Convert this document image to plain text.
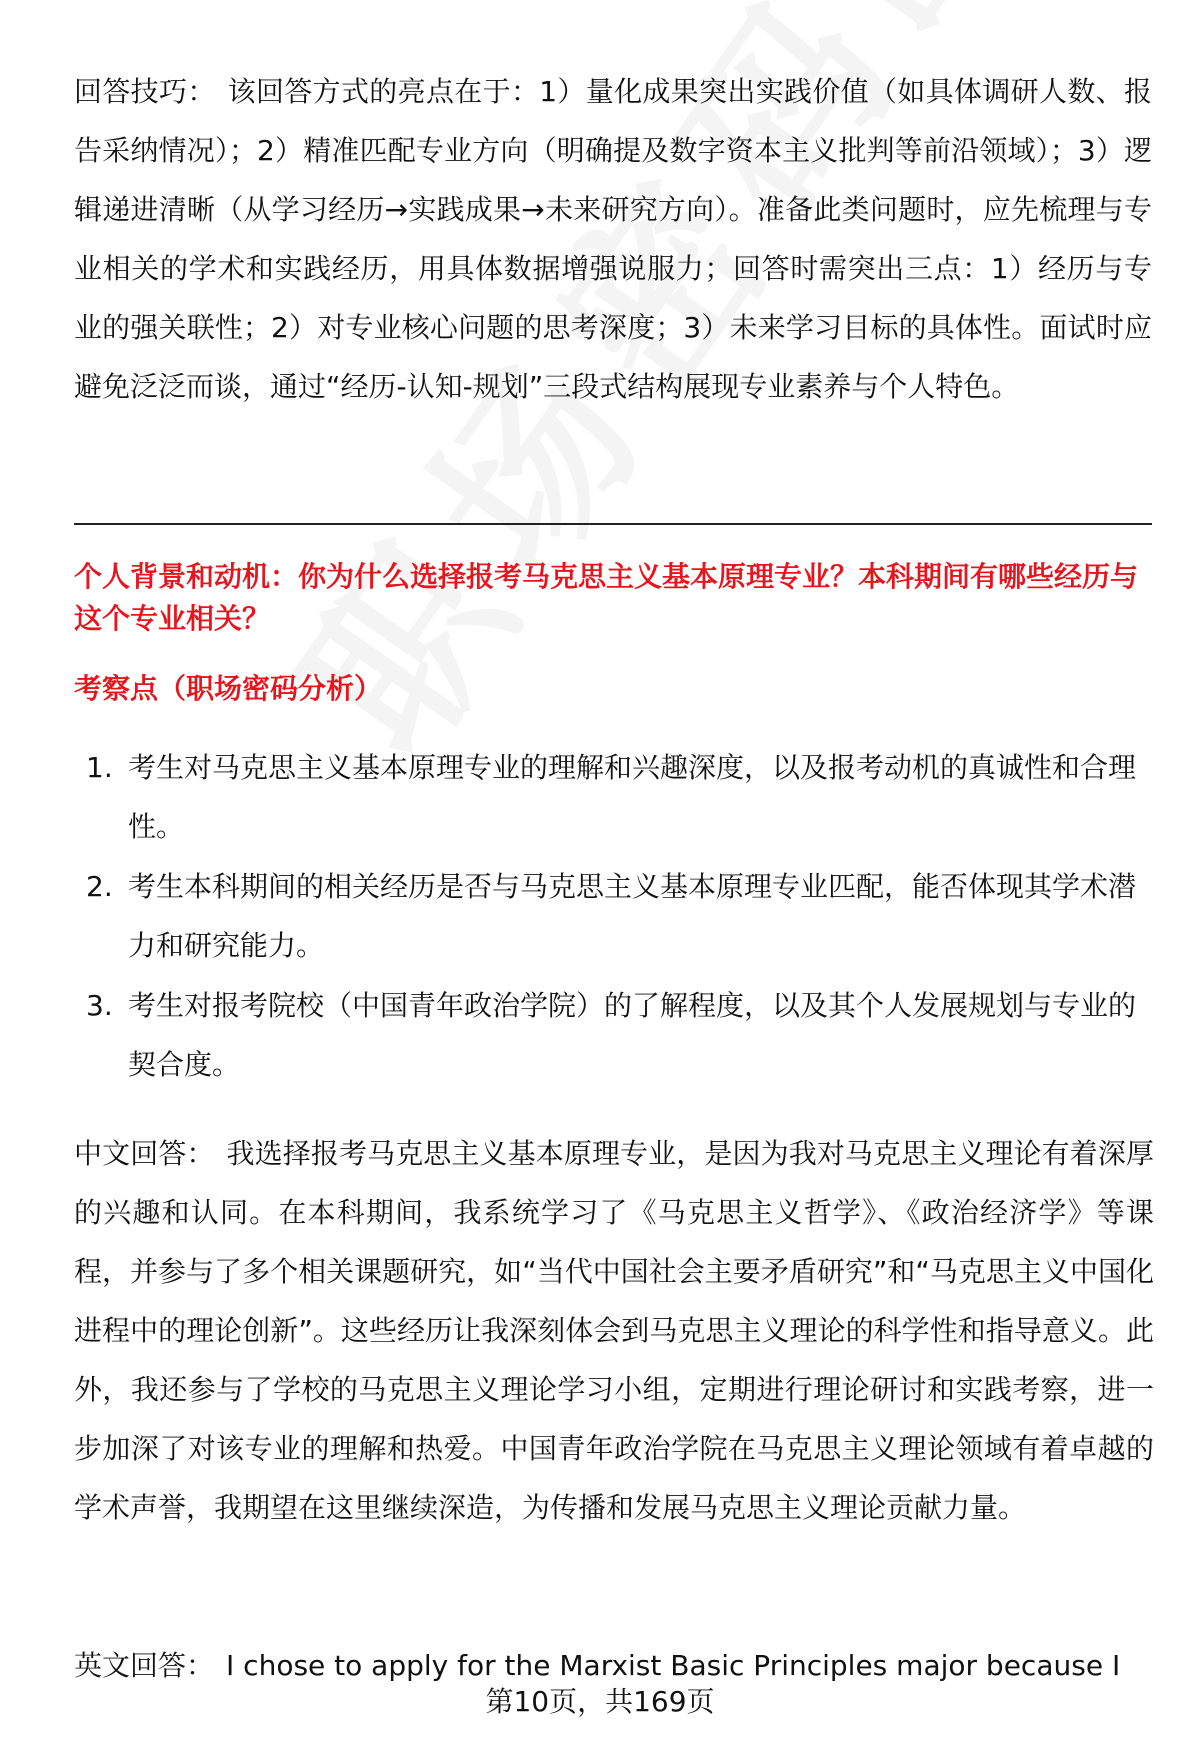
回答技巧： 该回答方式的亮点在于：1）量化成果突出实践价值（如具体调研人数、报告采纳情况）；2）精准匹配专业方向（明确提及数字资本主义批判等前沿领域）；3）逻辑递进清晰（从学习经历→实践成果→未来研究方向）。准备此类问题时，应先梳理与专业相关的学术和实践经历，用具体数据增强说服力；回答时需突出三点：1）经历与专业的强关联性；2）对专业核心问题的思考深度；3）未来学习目标的具体性。面试时应避免泛泛而谈，通过“经历-认知-规划”三段式结构展现专业素养与个人特色。

个人背景和动机：你为什么选择报考马克思主义基本原理专业？本科期间有哪些经历与这个专业相关？

考察点（职场密码分析）

1. 考生对马克思主义基本原理专业的理解和兴趣深度，以及报考动机的真诚性和合理性。
2. 考生本科期间的相关经历是否与马克思主义基本原理专业匹配，能否体现其学术潜力和研究能力。
3. 考生对报考院校（中国青年政治学院）的了解程度，以及其个人发展规划与专业的契合度。

中文回答： 我选择报考马克思主义基本原理专业，是因为我对马克思主义理论有着深厚的兴趣和认同。在本科期间，我系统学习了《马克思主义哲学》、《政治经济学》等课程，并参与了多个相关课题研究，如“当代中国社会主要矛盾研究”和“马克思主义中国化进程中的理论创新”。这些经历让我深刻体会到马克思主义理论的科学性和指导意义。此外，我还参与了学校的马克思主义理论学习小组，定期进行理论研讨和实践考察，进一步加深了对该专业的理解和热爱。中国青年政治学院在马克思主义理论领域有着卓越的学术声誉，我期望在这里继续深造，为传播和发展马克思主义理论贡献力量。

英文回答： I chose to apply for the Marxist Basic Principles major because I

第10页，共169页
